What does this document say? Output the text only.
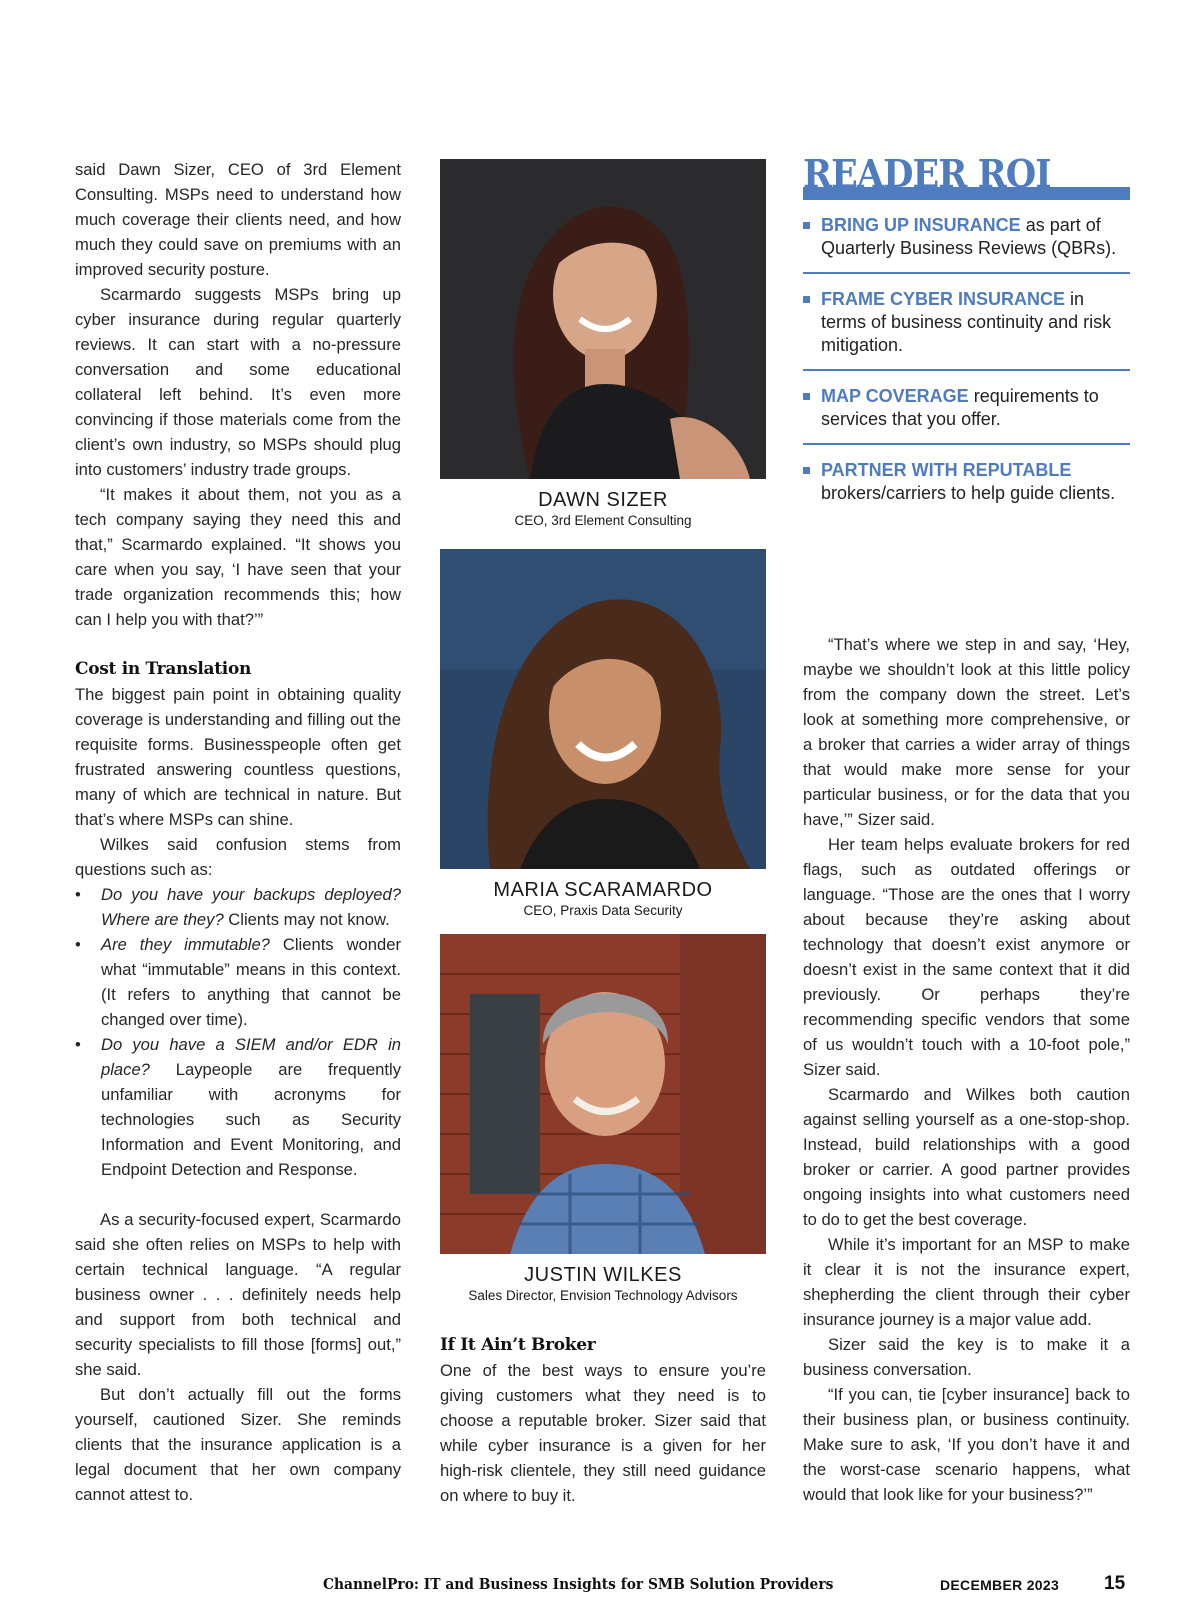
said Dawn Sizer, CEO of 3rd Element Consulting. MSPs need to understand how much coverage their clients need, and how much they could save on premiums with an improved security posture.

Scarmardo suggests MSPs bring up cyber insurance during regular quarterly reviews. It can start with a no-pressure conversation and some educational collateral left behind. It’s even more convincing if those materials come from the client’s own industry, so MSPs should plug into customers’ industry trade groups.

“It makes it about them, not you as a tech company saying they need this and that,” Scarmardo explained. “It shows you care when you say, ‘I have seen that your trade organization recommends this; how can I help you with that?’”

Cost in Translation

The biggest pain point in obtaining quality coverage is understanding and filling out the requisite forms. Businesspeople often get frustrated answering countless questions, many of which are technical in nature. But that’s where MSPs can shine.

Wilkes said confusion stems from questions such as:

• Do you have your backups deployed? Where are they? Clients may not know.
• Are they immutable? Clients wonder what “immutable” means in this context. (It refers to anything that cannot be changed over time).
• Do you have a SIEM and/or EDR in place? Laypeople are frequently unfamiliar with acronyms for technologies such as Security Information and Event Monitoring, and Endpoint Detection and Response.

As a security-focused expert, Scarmardo said she often relies on MSPs to help with certain technical language. “A regular business owner . . . definitely needs help and support from both technical and security specialists to fill those [forms] out,” she said.

But don’t actually fill out the forms yourself, cautioned Sizer. She reminds clients that the insurance application is a legal document that her own company cannot attest to.

DAWN SIZER
CEO, 3rd Element Consulting
MARIA SCARAMARDO
CEO, Praxis Data Security
JUSTIN WILKES
Sales Director, Envision Technology Advisors
If It Ain’t Broker

One of the best ways to ensure you’re giving customers what they need is to choose a reputable broker. Sizer said that while cyber insurance is a given for her high-risk clientele, they still need guidance on where to buy it.

READER ROI
BRING UP INSURANCE as part of Quarterly Business Reviews (QBRs).
FRAME CYBER INSURANCE in terms of business continuity and risk mitigation.
MAP COVERAGE requirements to services that you offer.
PARTNER WITH REPUTABLE brokers/carriers to help guide clients.

“That’s where we step in and say, ‘Hey, maybe we shouldn’t look at this little policy from the company down the street. Let’s look at something more comprehensive, or a broker that carries a wider array of things that would make more sense for your particular business, or for the data that you have,’” Sizer said.

Her team helps evaluate brokers for red flags, such as outdated offerings or language. “Those are the ones that I worry about because they’re asking about technology that doesn’t exist anymore or doesn’t exist in the same context that it did previously. Or perhaps they’re recommending specific vendors that some of us wouldn’t touch with a 10-foot pole,” Sizer said.

Scarmardo and Wilkes both caution against selling yourself as a one-stop-shop. Instead, build relationships with a good broker or carrier. A good partner provides ongoing insights into what customers need to do to get the best coverage.

While it’s important for an MSP to make it clear it is not the insurance expert, shepherding the client through their cyber insurance journey is a major value add.

Sizer said the key is to make it a business conversation.

“If you can, tie [cyber insurance] back to their business plan, or business continuity. Make sure to ask, ‘If you don’t have it and the worst-case scenario happens, what would that look like for your business?’”

ChannelPro: IT and Business Insights for SMB Solution Providers	DECEMBER 2023 15
